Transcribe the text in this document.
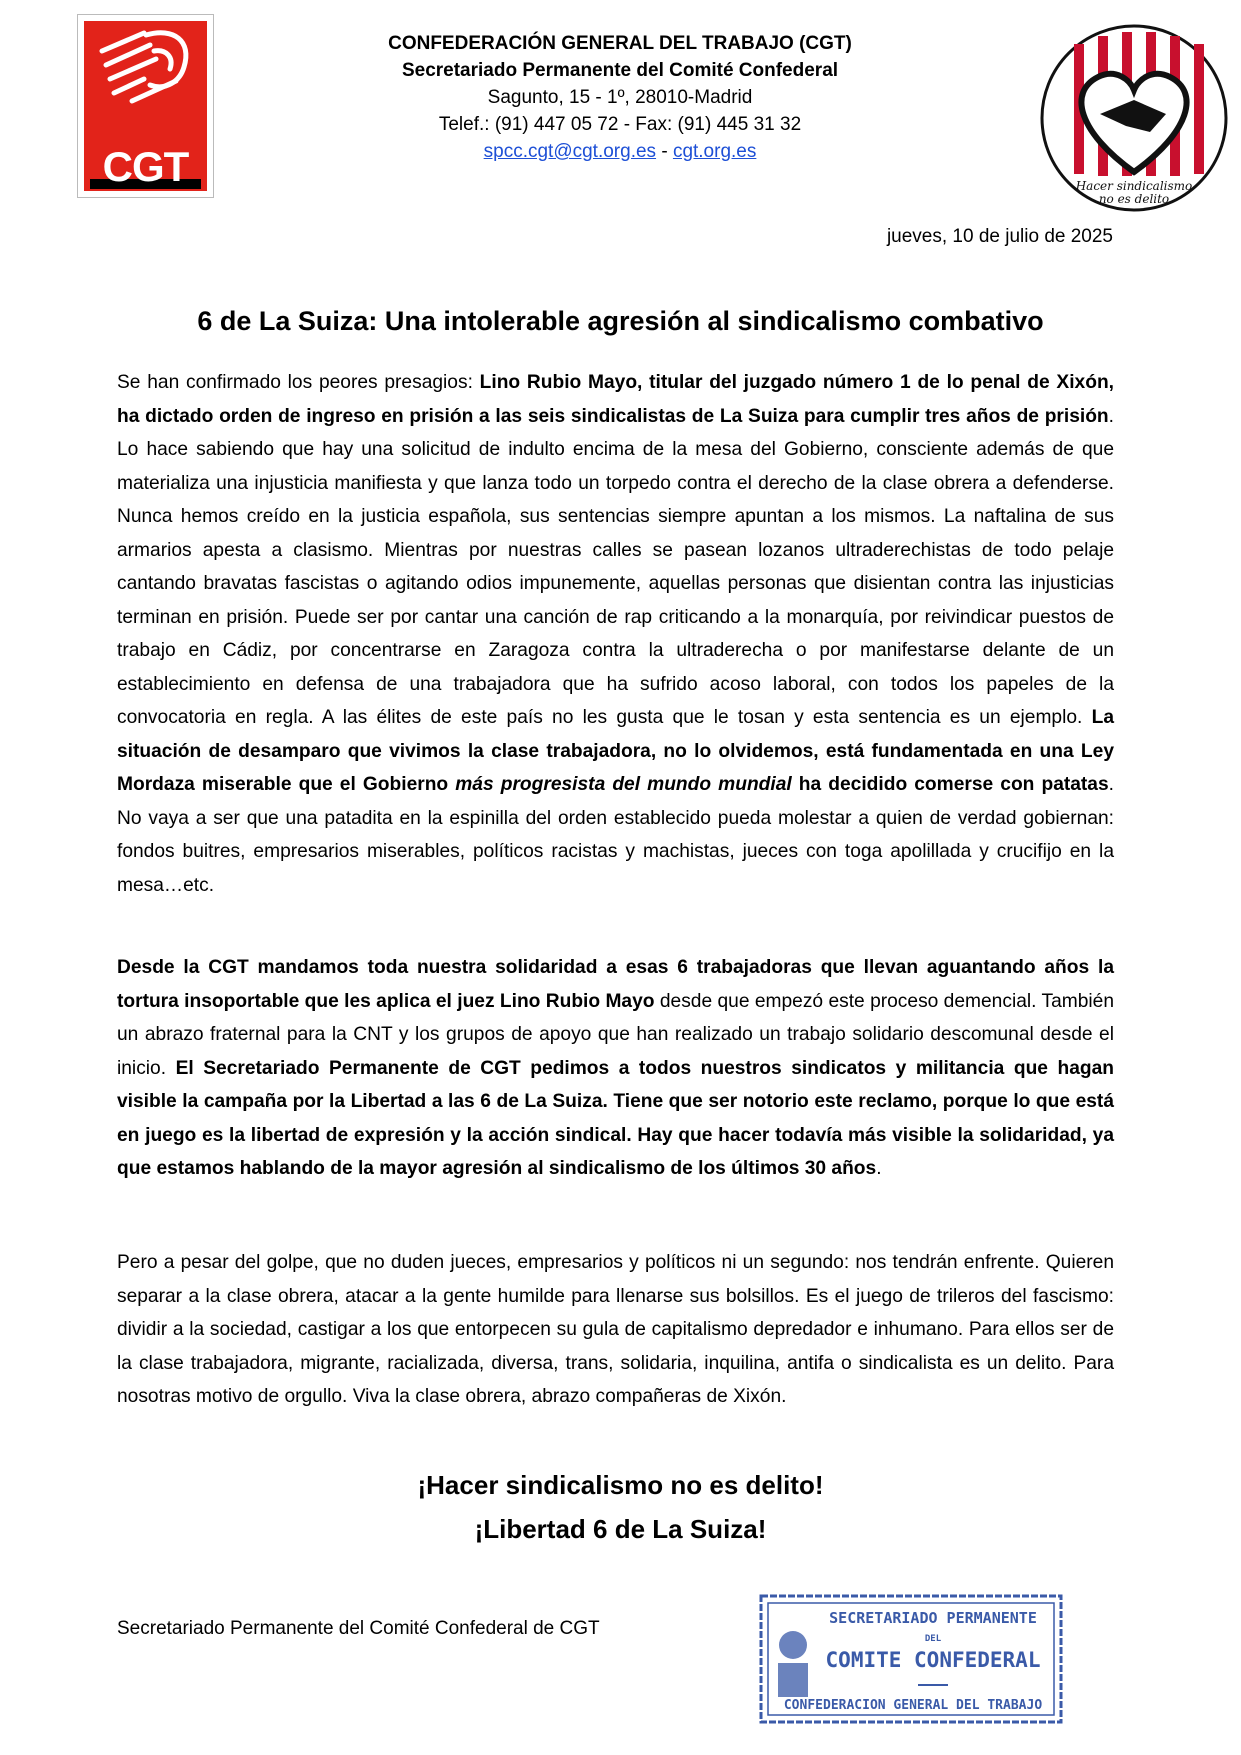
CGT
CONFEDERACIÓN GENERAL DEL TRABAJO (CGT)
Secretariado Permanente del Comité Confederal
Sagunto, 15 - 1º, 28010-Madrid
Telef.: (91) 447 05 72 - Fax: (91) 445 31 32
spcc.cgt@cgt.org.es - cgt.org.es
Hacer sindicalismo
no es delito
jueves, 10 de julio de 2025
6 de La Suiza: Una intolerable agresión al sindicalismo combativo
Se han confirmado los peores presagios: Lino Rubio Mayo, titular del juzgado número 1 de lo penal de Xixón, ha dictado orden de ingreso en prisión a las seis sindicalistas de La Suiza para cumplir tres años de prisión. Lo hace sabiendo que hay una solicitud de indulto encima de la mesa del Gobierno, consciente además de que materializa una injusticia manifiesta y que lanza todo un torpedo contra el derecho de la clase obrera a defenderse. Nunca hemos creído en la justicia española, sus sentencias siempre apuntan a los mismos. La naftalina de sus armarios apesta a clasismo. Mientras por nuestras calles se pasean lozanos ultraderechistas de todo pelaje cantando bravatas fascistas o agitando odios impunemente, aquellas personas que disientan contra las injusticias terminan en prisión. Puede ser por cantar una canción de rap criticando a la monarquía, por reivindicar puestos de trabajo en Cádiz, por concentrarse en Zaragoza contra la ultraderecha o por manifestarse delante de un establecimiento en defensa de una trabajadora que ha sufrido acoso laboral, con todos los papeles de la convocatoria en regla. A las élites de este país no les gusta que le tosan y esta sentencia es un ejemplo. La situación de desamparo que vivimos la clase trabajadora, no lo olvidemos, está fundamentada en una Ley Mordaza miserable que el Gobierno más progresista del mundo mundial ha decidido comerse con patatas. No vaya a ser que una patadita en la espinilla del orden establecido pueda molestar a quien de verdad gobiernan: fondos buitres, empresarios miserables, políticos racistas y machistas, jueces con toga apolillada y crucifijo en la mesa…etc.
Desde la CGT mandamos toda nuestra solidaridad a esas 6 trabajadoras que llevan aguantando años la tortura insoportable que les aplica el juez Lino Rubio Mayo desde que empezó este proceso demencial. También un abrazo fraternal para la CNT y los grupos de apoyo que han realizado un trabajo solidario descomunal desde el inicio. El Secretariado Permanente de CGT pedimos a todos nuestros sindicatos y militancia que hagan visible la campaña por la Libertad a las 6 de La Suiza. Tiene que ser notorio este reclamo, porque lo que está en juego es la libertad de expresión y la acción sindical. Hay que hacer todavía más visible la solidaridad, ya que estamos hablando de la mayor agresión al sindicalismo de los últimos 30 años.
Pero a pesar del golpe, que no duden jueces, empresarios y políticos ni un segundo: nos tendrán enfrente. Quieren separar a la clase obrera, atacar a la gente humilde para llenarse sus bolsillos. Es el juego de trileros del fascismo: dividir a la sociedad, castigar a los que entorpecen su gula de capitalismo depredador e inhumano. Para ellos ser de la clase trabajadora, migrante, racializada, diversa, trans, solidaria, inquilina, antifa o sindicalista es un delito. Para nosotras motivo de orgullo. Viva la clase obrera, abrazo compañeras de Xixón.
¡Hacer sindicalismo no es delito!
¡Libertad 6 de La Suiza!
Secretariado Permanente del Comité Confederal de CGT	SECRETARIADO PERMANENTE
DEL
COMITE CONFEDERAL
CONFEDERACION GENERAL DEL TRABAJO
